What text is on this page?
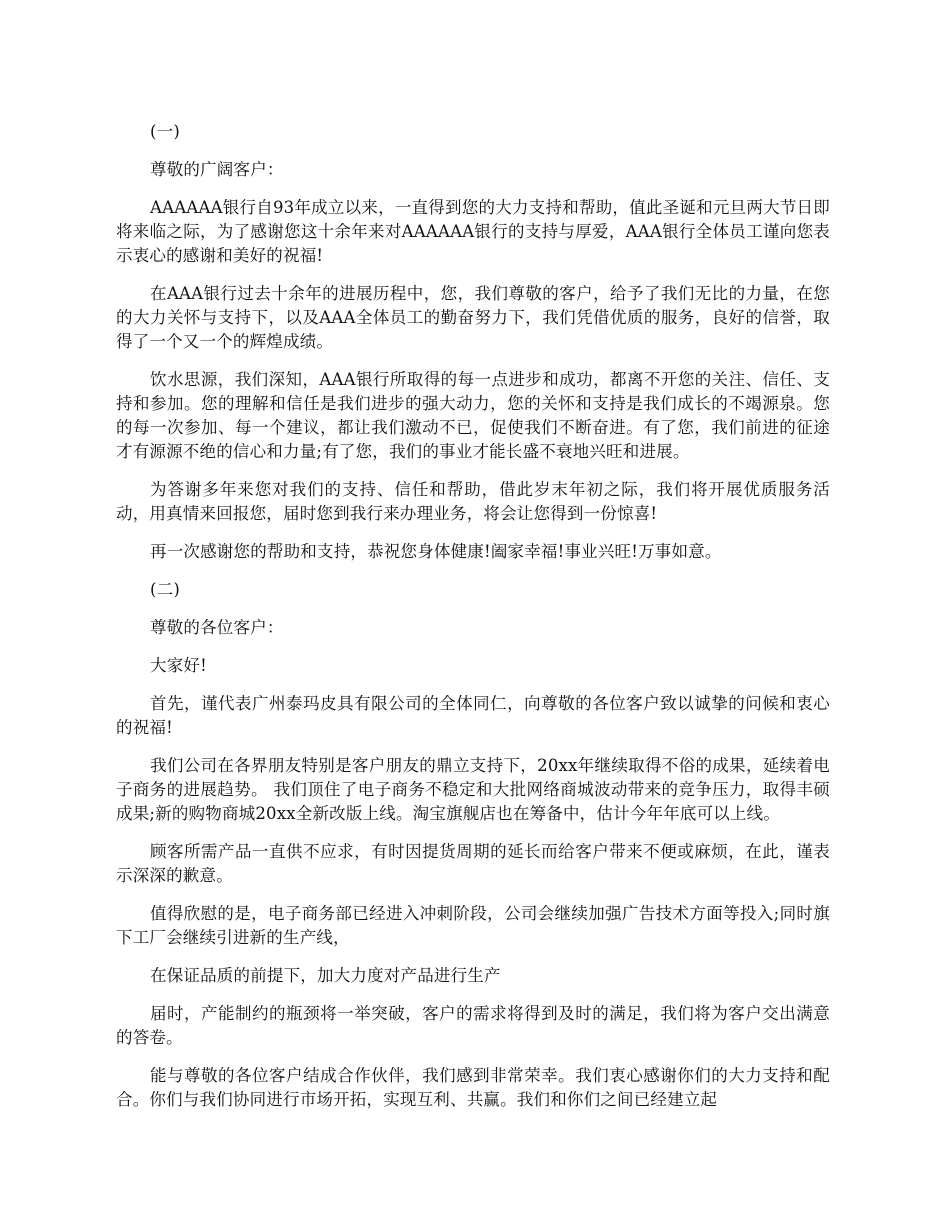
(一)

尊敬的广阔客户：

AAAAAA银行自93年成立以来，一直得到您的大力支持和帮助，值此圣诞和元旦两大节日即将来临之际，为了感谢您这十余年来对AAAAAA银行的支持与厚爱，AAA银行全体员工谨向您表示衷心的感谢和美好的祝福!

在AAA银行过去十余年的进展历程中，您，我们尊敬的客户，给予了我们无比的力量，在您的大力关怀与支持下，以及AAA全体员工的勤奋努力下，我们凭借优质的服务，良好的信誉，取得了一个又一个的辉煌成绩。

饮水思源，我们深知，AAA银行所取得的每一点进步和成功，都离不开您的关注、信任、支持和参加。您的理解和信任是我们进步的强大动力，您的关怀和支持是我们成长的不竭源泉。您的每一次参加、每一个建议，都让我们激动不已，促使我们不断奋进。有了您，我们前进的征途才有源源不绝的信心和力量;有了您，我们的事业才能长盛不衰地兴旺和进展。

为答谢多年来您对我们的支持、信任和帮助，借此岁末年初之际，我们将开展优质服务活动，用真情来回报您，届时您到我行来办理业务，将会让您得到一份惊喜!

再一次感谢您的帮助和支持，恭祝您身体健康!阖家幸福!事业兴旺!万事如意。

(二)

尊敬的各位客户：

大家好!

首先，谨代表广州泰玛皮具有限公司的全体同仁，向尊敬的各位客户致以诚挚的问候和衷心的祝福!

我们公司在各界朋友特别是客户朋友的鼎立支持下，20xx年继续取得不俗的成果，延续着电子商务的进展趋势。 我们顶住了电子商务不稳定和大批网络商城波动带来的竞争压力，取得丰硕成果;新的购物商城20xx全新改版上线。淘宝旗舰店也在筹备中，估计今年年底可以上线。

顾客所需产品一直供不应求，有时因提货周期的延长而给客户带来不便或麻烦，在此，谨表示深深的歉意。

值得欣慰的是，电子商务部已经进入冲刺阶段，公司会继续加强广告技术方面等投入;同时旗下工厂会继续引进新的生产线，

在保证品质的前提下，加大力度对产品进行生产

届时，产能制约的瓶颈将一举突破，客户的需求将得到及时的满足，我们将为客户交出满意的答卷。

能与尊敬的各位客户结成合作伙伴，我们感到非常荣幸。我们衷心感谢你们的大力支持和配合。你们与我们协同进行市场开拓，实现互利、共赢。我们和你们之间已经建立起
